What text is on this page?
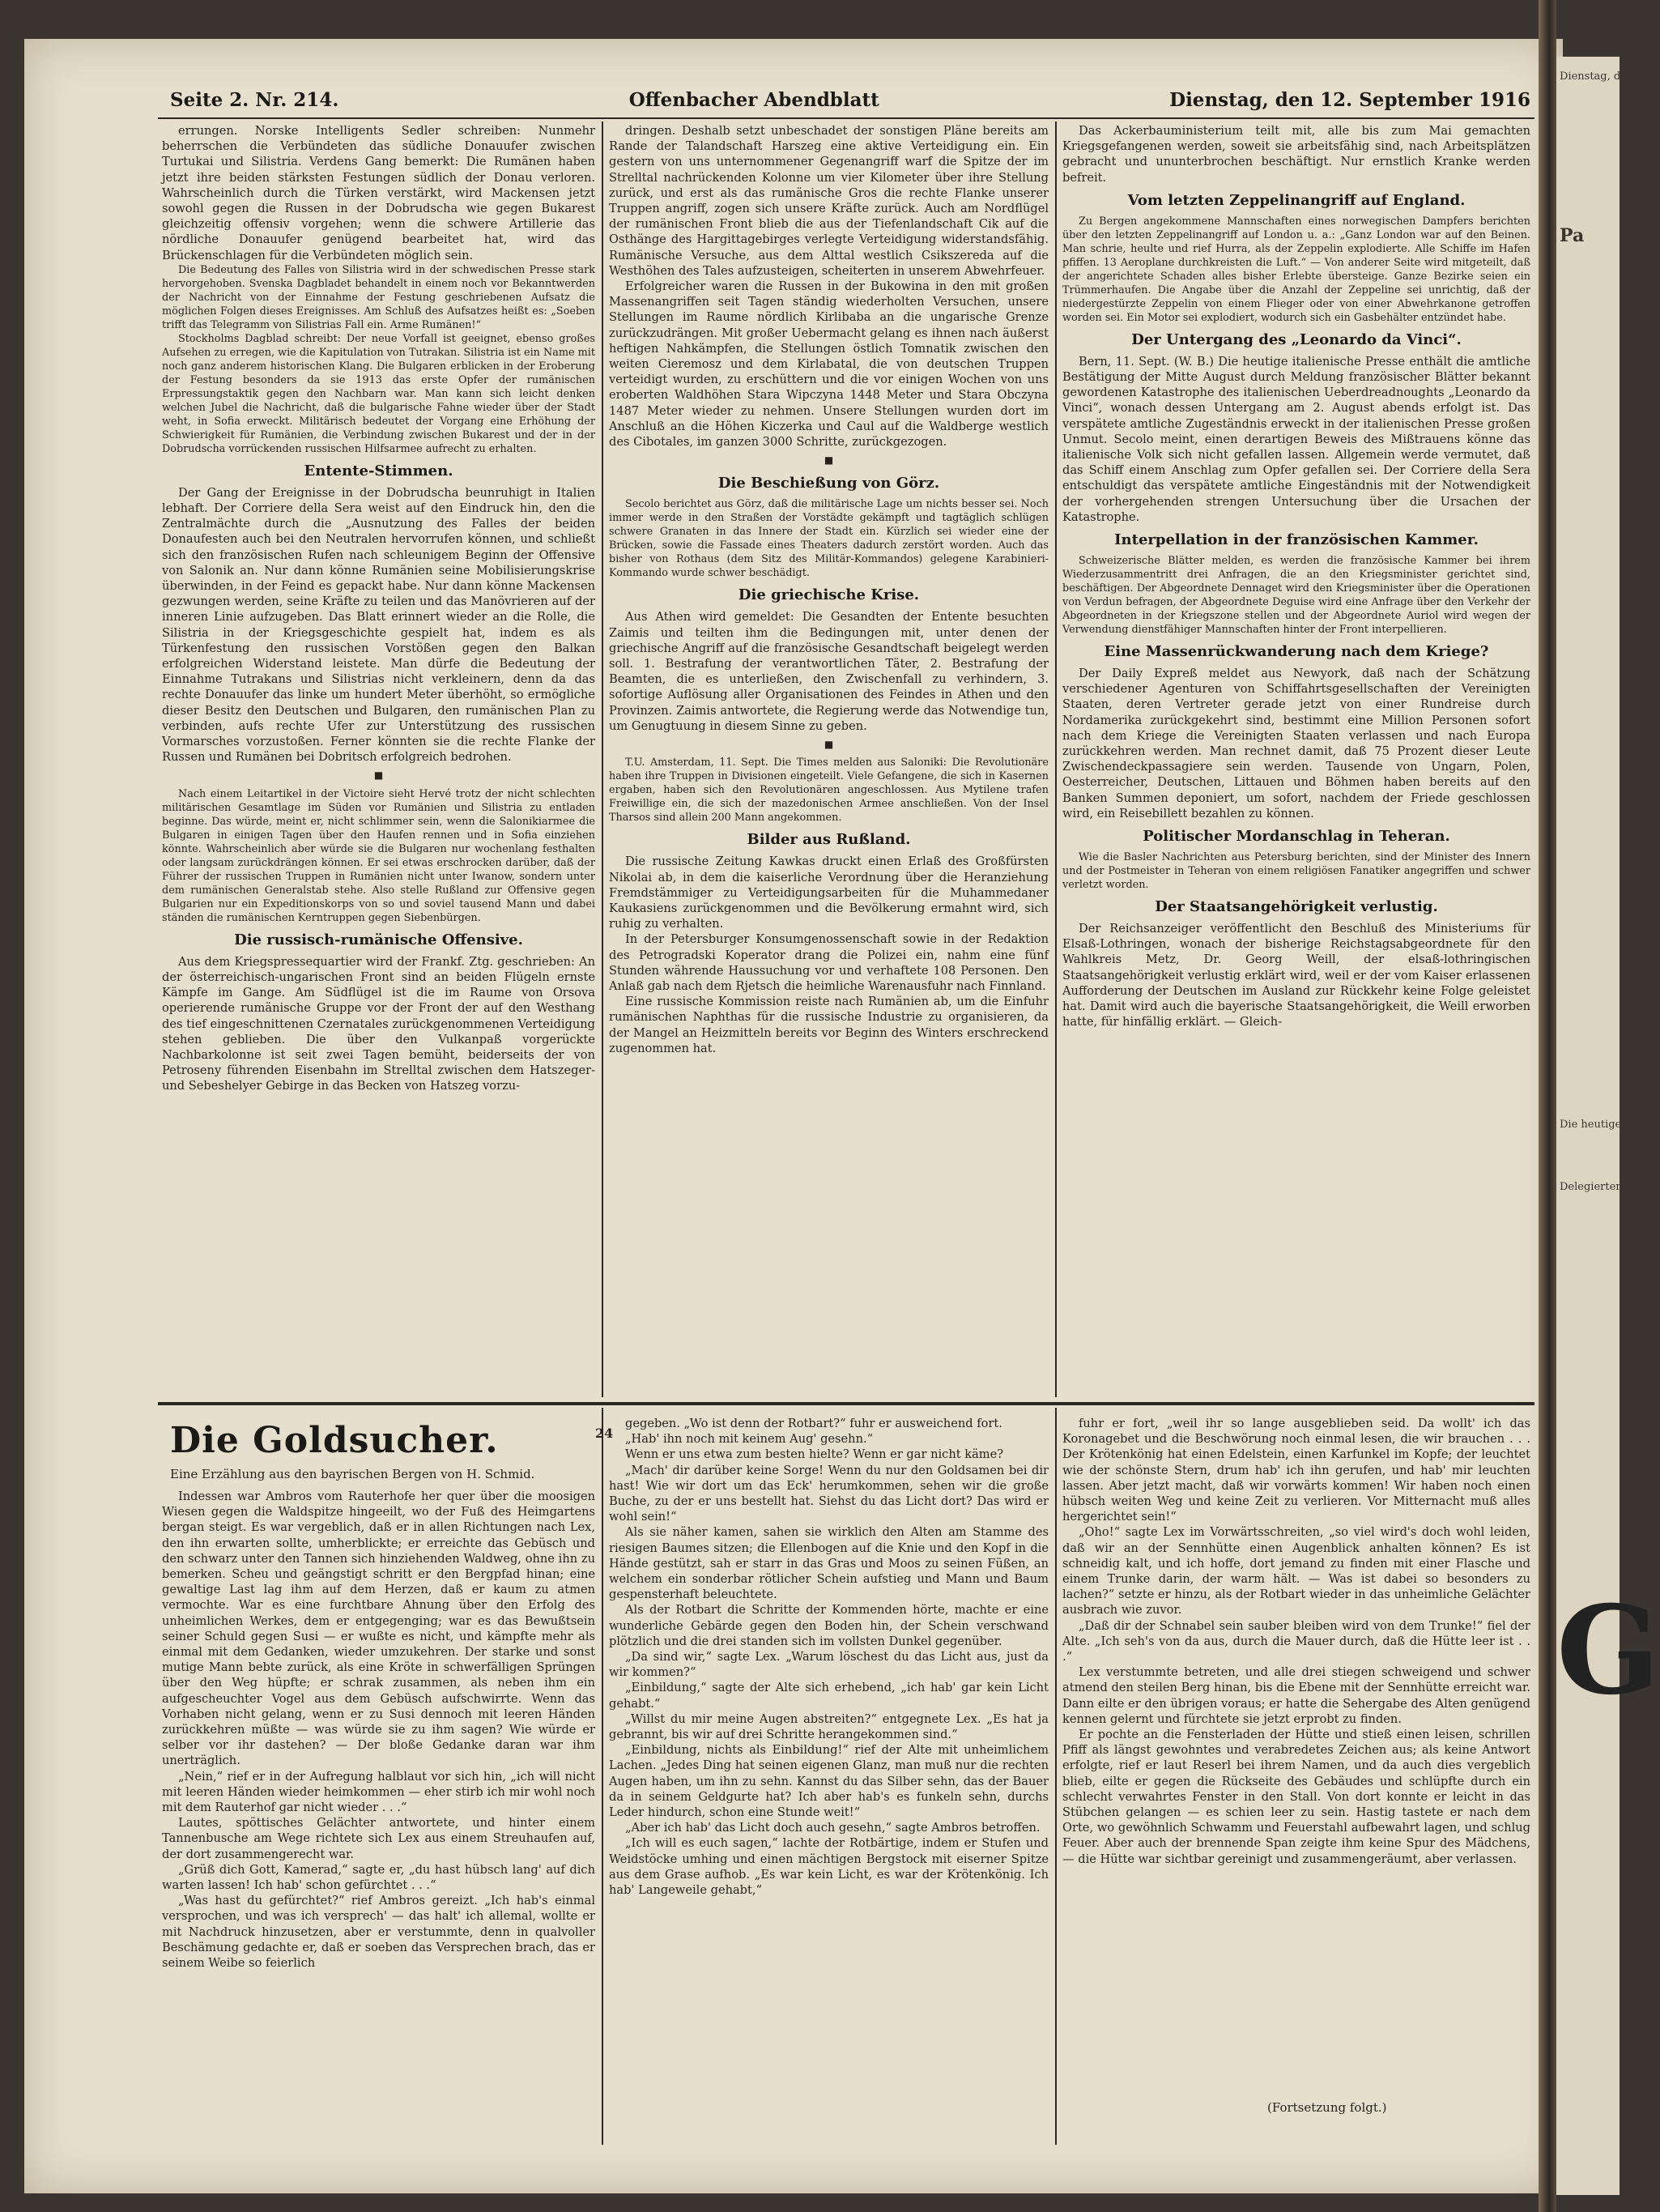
Seite 2. Nr. 214.	Offenbacher Abendblatt	Dienstag, den 12. September 1916

errungen. Norske Intelligents Sedler schreiben: Nunmehr beherrschen die Verbündeten das südliche Donauufer zwischen Turtukai und Silistria. Verdens Gang bemerkt: Die Rumänen haben jetzt ihre beiden stärksten Festungen südlich der Donau verloren. Wahrscheinlich durch die Türken verstärkt, wird Mackensen jetzt sowohl gegen die Russen in der Dobrudscha wie gegen Bukarest gleichzeitig offensiv vorgehen; wenn die schwere Artillerie das nördliche Donauufer genügend bearbeitet hat, wird das Brückenschlagen für die Verbündeten möglich sein.

Die Bedeutung des Falles von Silistria wird in der schwedischen Presse stark hervorgehoben. Svenska Dagbladet behandelt in einem noch vor Bekanntwerden der Nachricht von der Einnahme der Festung geschriebenen Aufsatz die möglichen Folgen dieses Ereignisses. Am Schluß des Aufsatzes heißt es: „Soeben trifft das Telegramm von Silistrias Fall ein. Arme Rumänen!“

Stockholms Dagblad schreibt: Der neue Vorfall ist geeignet, ebenso großes Aufsehen zu erregen, wie die Kapitulation von Tutrakan. Silistria ist ein Name mit noch ganz anderem historischen Klang. Die Bulgaren erblicken in der Eroberung der Festung besonders da sie 1913 das erste Opfer der rumänischen Erpressungstaktik gegen den Nachbarn war. Man kann sich leicht denken welchen Jubel die Nachricht, daß die bulgarische Fahne wieder über der Stadt weht, in Sofia erweckt. Militärisch bedeutet der Vorgang eine Erhöhung der Schwierigkeit für Rumänien, die Verbindung zwischen Bukarest und der in der Dobrudscha vorrückenden russischen Hilfsarmee aufrecht zu erhalten.

Entente-Stimmen.

Der Gang der Ereignisse in der Dobrudscha beunruhigt in Italien lebhaft. Der Corriere della Sera weist auf den Eindruck hin, den die Zentralmächte durch die „Ausnutzung des Falles der beiden Donaufesten auch bei den Neutralen hervorrufen können, und schließt sich den französischen Rufen nach schleunigem Beginn der Offensive von Salonik an. Nur dann könne Rumänien seine Mobilisierungskrise überwinden, in der Feind es gepackt habe. Nur dann könne Mackensen gezwungen werden, seine Kräfte zu teilen und das Manövrieren auf der inneren Linie aufzugeben. Das Blatt erinnert wieder an die Rolle, die Silistria in der Kriegsgeschichte gespielt hat, indem es als Türkenfestung den russischen Vorstößen gegen den Balkan erfolgreichen Widerstand leistete. Man dürfe die Bedeutung der Einnahme Tutrakans und Silistrias nicht verkleinern, denn da das rechte Donauufer das linke um hundert Meter überhöht, so ermögliche dieser Besitz den Deutschen und Bulgaren, den rumänischen Plan zu verbinden, aufs rechte Ufer zur Unterstützung des russischen Vormarsches vorzustoßen. Ferner könnten sie die rechte Flanke der Russen und Rumänen bei Dobritsch erfolgreich bedrohen.

■

Nach einem Leitartikel in der Victoire sieht Hervé trotz der nicht schlechten militärischen Gesamtlage im Süden vor Rumänien und Silistria zu entladen beginne. Das würde, meint er, nicht schlimmer sein, wenn die Salonikiarmee die Bulgaren in einigen Tagen über den Haufen rennen und in Sofia einziehen könnte. Wahrscheinlich aber würde sie die Bulgaren nur wochenlang festhalten oder langsam zurückdrängen können. Er sei etwas erschrocken darüber, daß der Führer der russischen Truppen in Rumänien nicht unter Iwanow, sondern unter dem rumänischen Generalstab stehe. Also stelle Rußland zur Offensive gegen Bulgarien nur ein Expeditionskorps von so und soviel tausend Mann und dabei ständen die rumänischen Kerntruppen gegen Siebenbürgen.

Die russisch-rumänische Offensive.

Aus dem Kriegspressequartier wird der Frankf. Ztg. geschrieben: An der österreichisch-ungarischen Front sind an beiden Flügeln ernste Kämpfe im Gange. Am Südflügel ist die im Raume von Orsova operierende rumänische Gruppe vor der Front der auf den Westhang des tief eingeschnittenen Czernatales zurückgenommenen Verteidigung stehen geblieben. Die über den Vulkanpaß vorgerückte Nachbarkolonne ist seit zwei Tagen bemüht, beiderseits der von Petroseny führenden Eisenbahn im Strelltal zwischen dem Hatszeger- und Sebeshelyer Gebirge in das Becken von Hatszeg vorzu-

dringen. Deshalb setzt unbeschadet der sonstigen Pläne bereits am Rande der Talandschaft Harszeg eine aktive Verteidigung ein. Ein gestern von uns unternommener Gegenangriff warf die Spitze der im Strelltal nachrückenden Kolonne um vier Kilometer über ihre Stellung zurück, und erst als das rumänische Gros die rechte Flanke unserer Truppen angriff, zogen sich unsere Kräfte zurück. Auch am Nordflügel der rumänischen Front blieb die aus der Tiefenlandschaft Cik auf die Osthänge des Hargittagebirges verlegte Verteidigung widerstandsfähig. Rumänische Versuche, aus dem Alttal westlich Csikszereda auf die Westhöhen des Tales aufzusteigen, scheiterten in unserem Abwehrfeuer.

Erfolgreicher waren die Russen in der Bukowina in den mit großen Massenangriffen seit Tagen ständig wiederholten Versuchen, unsere Stellungen im Raume nördlich Kirlibaba an die ungarische Grenze zurückzudrängen. Mit großer Uebermacht gelang es ihnen nach äußerst heftigen Nahkämpfen, die Stellungen östlich Tomnatik zwischen den weiten Cieremosz und dem Kirlabatal, die von deutschen Truppen verteidigt wurden, zu erschüttern und die vor einigen Wochen von uns eroberten Waldhöhen Stara Wipczyna 1448 Meter und Stara Obczyna 1487 Meter wieder zu nehmen. Unsere Stellungen wurden dort im Anschluß an die Höhen Kiczerka und Caul auf die Waldberge westlich des Cibotales, im ganzen 3000 Schritte, zurückgezogen.

■
Die Beschießung von Görz.

Secolo berichtet aus Görz, daß die militärische Lage um nichts besser sei. Noch immer werde in den Straßen der Vorstädte gekämpft und tagtäglich schlügen schwere Granaten in das Innere der Stadt ein. Kürzlich sei wieder eine der Brücken, sowie die Fassade eines Theaters dadurch zerstört worden. Auch das bisher von Rothaus (dem Sitz des Militär-Kommandos) gelegene Karabinieri-Kommando wurde schwer beschädigt.

Die griechische Krise.

Aus Athen wird gemeldet: Die Gesandten der Entente besuchten Zaimis und teilten ihm die Bedingungen mit, unter denen der griechische Angriff auf die französische Gesandtschaft beigelegt werden soll. 1. Bestrafung der verantwortlichen Täter, 2. Bestrafung der Beamten, die es unterließen, den Zwischenfall zu verhindern, 3. sofortige Auflösung aller Organisationen des Feindes in Athen und den Provinzen. Zaimis antwortete, die Regierung werde das Notwendige tun, um Genugtuung in diesem Sinne zu geben.

■

T.U. Amsterdam, 11. Sept. Die Times melden aus Saloniki: Die Revolutionäre haben ihre Truppen in Divisionen eingeteilt. Viele Gefangene, die sich in Kasernen ergaben, haben sich den Revolutionären angeschlossen. Aus Mytilene trafen Freiwillige ein, die sich der mazedonischen Armee anschließen. Von der Insel Tharsos sind allein 200 Mann angekommen.

Bilder aus Rußland.

Die russische Zeitung Kawkas druckt einen Erlaß des Großfürsten Nikolai ab, in dem die kaiserliche Verordnung über die Heranziehung Fremdstämmiger zu Verteidigungsarbeiten für die Muhammedaner Kaukasiens zurückgenommen und die Bevölkerung ermahnt wird, sich ruhig zu verhalten.

In der Petersburger Konsumgenossenschaft sowie in der Redaktion des Petrogradski Koperator drang die Polizei ein, nahm eine fünf Stunden währende Haussuchung vor und verhaftete 108 Personen. Den Anlaß gab nach dem Rjetsch die heimliche Warenausfuhr nach Finnland.

Eine russische Kommission reiste nach Rumänien ab, um die Einfuhr rumänischen Naphthas für die russische Industrie zu organisieren, da der Mangel an Heizmitteln bereits vor Beginn des Winters erschreckend zugenommen hat.

Das Ackerbauministerium teilt mit, alle bis zum Mai gemachten Kriegsgefangenen werden, soweit sie arbeitsfähig sind, nach Arbeitsplätzen gebracht und ununterbrochen beschäftigt. Nur ernstlich Kranke werden befreit.

Vom letzten Zeppelinangriff auf England.

Zu Bergen angekommene Mannschaften eines norwegischen Dampfers berichten über den letzten Zeppelinangriff auf London u. a.: „Ganz London war auf den Beinen. Man schrie, heulte und rief Hurra, als der Zeppelin explodierte. Alle Schiffe im Hafen pfiffen. 13 Aeroplane durchkreisten die Luft.“ — Von anderer Seite wird mitgeteilt, daß der angerichtete Schaden alles bisher Erlebte übersteige. Ganze Bezirke seien ein Trümmerhaufen. Die Angabe über die Anzahl der Zeppeline sei unrichtig, daß der niedergestürzte Zeppelin von einem Flieger oder von einer Abwehrkanone getroffen worden sei. Ein Motor sei explodiert, wodurch sich ein Gasbehälter entzündet habe.

Der Untergang des „Leonardo da Vinci“.

Bern, 11. Sept. (W. B.) Die heutige italienische Presse enthält die amtliche Bestätigung der Mitte August durch Meldung französischer Blätter bekannt gewordenen Katastrophe des italienischen Ueberdreadnoughts „Leonardo da Vinci“, wonach dessen Untergang am 2. August abends erfolgt ist. Das verspätete amtliche Zugeständnis erweckt in der italienischen Presse großen Unmut. Secolo meint, einen derartigen Beweis des Mißtrauens könne das italienische Volk sich nicht gefallen lassen. Allgemein werde vermutet, daß das Schiff einem Anschlag zum Opfer gefallen sei. Der Corriere della Sera entschuldigt das verspätete amtliche Eingeständnis mit der Notwendigkeit der vorhergehenden strengen Untersuchung über die Ursachen der Katastrophe.

Interpellation in der französischen Kammer.

Schweizerische Blätter melden, es werden die französische Kammer bei ihrem Wiederzusammentritt drei Anfragen, die an den Kriegsminister gerichtet sind, beschäftigen. Der Abgeordnete Dennaget wird den Kriegsminister über die Operationen von Verdun befragen, der Abgeordnete Deguise wird eine Anfrage über den Verkehr der Abgeordneten in der Kriegszone stellen und der Abgeordnete Auriol wird wegen der Verwendung dienstfähiger Mannschaften hinter der Front interpellieren.

Eine Massenrückwanderung nach dem Kriege?

Der Daily Expreß meldet aus Newyork, daß nach der Schätzung verschiedener Agenturen von Schiffahrtsgesellschaften der Vereinigten Staaten, deren Vertreter gerade jetzt von einer Rundreise durch Nordamerika zurückgekehrt sind, bestimmt eine Million Personen sofort nach dem Kriege die Vereinigten Staaten verlassen und nach Europa zurückkehren werden. Man rechnet damit, daß 75 Prozent dieser Leute Zwischendeckpassagiere sein werden. Tausende von Ungarn, Polen, Oesterreicher, Deutschen, Littauen und Böhmen haben bereits auf den Banken Summen deponiert, um sofort, nachdem der Friede geschlossen wird, ein Reisebillett bezahlen zu können.

Politischer Mordanschlag in Teheran.

Wie die Basler Nachrichten aus Petersburg berichten, sind der Minister des Innern und der Postmeister in Teheran von einem religiösen Fanatiker angegriffen und schwer verletzt worden.

Der Staatsangehörigkeit verlustig.

Der Reichsanzeiger veröffentlicht den Beschluß des Ministeriums für Elsaß-Lothringen, wonach der bisherige Reichstagsabgeordnete für den Wahlkreis Metz, Dr. Georg Weill, der elsaß-lothringischen Staatsangehörigkeit verlustig erklärt wird, weil er der vom Kaiser erlassenen Aufforderung der Deutschen im Ausland zur Rückkehr keine Folge geleistet hat. Damit wird auch die bayerische Staatsangehörigkeit, die Weill erworben hatte, für hinfällig erklärt. — Gleich-

Die Goldsucher.	24
Eine Erzählung aus den bayrischen Bergen von H. Schmid.

Indessen war Ambros vom Rauterhofe her quer über die moosigen Wiesen gegen die Waldspitze hingeeilt, wo der Fuß des Heimgartens bergan steigt. Es war vergeblich, daß er in allen Richtungen nach Lex, den ihn erwarten sollte, umherblickte; er erreichte das Gebüsch und den schwarz unter den Tannen sich hinziehenden Waldweg, ohne ihn zu bemerken. Scheu und geängstigt schritt er den Bergpfad hinan; eine gewaltige Last lag ihm auf dem Herzen, daß er kaum zu atmen vermochte. War es eine furchtbare Ahnung über den Erfolg des unheimlichen Werkes, dem er entgegenging; war es das Bewußtsein seiner Schuld gegen Susi — er wußte es nicht, und kämpfte mehr als einmal mit dem Gedanken, wieder umzukehren. Der starke und sonst mutige Mann bebte zurück, als eine Kröte in schwerfälligen Sprüngen über den Weg hüpfte; er schrak zusammen, als neben ihm ein aufgescheuchter Vogel aus dem Gebüsch aufschwirrte. Wenn das Vorhaben nicht gelang, wenn er zu Susi dennoch mit leeren Händen zurückkehren müßte — was würde sie zu ihm sagen? Wie würde er selber vor ihr dastehen? — Der bloße Gedanke daran war ihm unerträglich.

„Nein,“ rief er in der Aufregung halblaut vor sich hin, „ich will nicht mit leeren Händen wieder heimkommen — eher stirb ich mir wohl noch mit dem Rauterhof gar nicht wieder . . .“

Lautes, spöttisches Gelächter antwortete, und hinter einem Tannenbusche am Wege richtete sich Lex aus einem Streuhaufen auf, der dort zusammengerecht war.

„Grüß dich Gott, Kamerad,“ sagte er, „du hast hübsch lang' auf dich warten lassen! Ich hab' schon gefürchtet . . .“

„Was hast du gefürchtet?“ rief Ambros gereizt. „Ich hab's einmal versprochen, und was ich versprech' — das halt' ich allemal, wollte er mit Nachdruck hinzusetzen, aber er verstummte, denn in qualvoller Beschämung gedachte er, daß er soeben das Versprechen brach, das er seinem Weibe so feierlich

gegeben. „Wo ist denn der Rotbart?“ fuhr er ausweichend fort.

„Hab' ihn noch mit keinem Aug' gesehn.“

Wenn er uns etwa zum besten hielte? Wenn er gar nicht käme?

„Mach' dir darüber keine Sorge! Wenn du nur den Goldsamen bei dir hast! Wie wir dort um das Eck' herumkommen, sehen wir die große Buche, zu der er uns bestellt hat. Siehst du das Licht dort? Das wird er wohl sein!“

Als sie näher kamen, sahen sie wirklich den Alten am Stamme des riesigen Baumes sitzen; die Ellenbogen auf die Knie und den Kopf in die Hände gestützt, sah er starr in das Gras und Moos zu seinen Füßen, an welchem ein sonderbar rötlicher Schein aufstieg und Mann und Baum gespensterhaft beleuchtete.

Als der Rotbart die Schritte der Kommenden hörte, machte er eine wunderliche Gebärde gegen den Boden hin, der Schein verschwand plötzlich und die drei standen sich im vollsten Dunkel gegenüber.

„Da sind wir,“ sagte Lex. „Warum löschest du das Licht aus, just da wir kommen?“

„Einbildung,“ sagte der Alte sich erhebend, „ich hab' gar kein Licht gehabt.“

„Willst du mir meine Augen abstreiten?“ entgegnete Lex. „Es hat ja gebrannt, bis wir auf drei Schritte herangekommen sind.“

„Einbildung, nichts als Einbildung!“ rief der Alte mit unheimlichem Lachen. „Jedes Ding hat seinen eigenen Glanz, man muß nur die rechten Augen haben, um ihn zu sehn. Kannst du das Silber sehn, das der Bauer da in seinem Geldgurte hat? Ich aber hab's es funkeln sehn, durchs Leder hindurch, schon eine Stunde weit!“

„Aber ich hab' das Licht doch auch gesehn,“ sagte Ambros betroffen.

„Ich will es euch sagen,“ lachte der Rotbärtige, indem er Stufen und Weidstöcke umhing und einen mächtigen Bergstock mit eiserner Spitze aus dem Grase aufhob. „Es war kein Licht, es war der Krötenkönig. Ich hab' Langeweile gehabt,“

fuhr er fort, „weil ihr so lange ausgeblieben seid. Da wollt' ich das Koronagebet und die Beschwörung noch einmal lesen, die wir brauchen . . . Der Krötenkönig hat einen Edelstein, einen Karfunkel im Kopfe; der leuchtet wie der schönste Stern, drum hab' ich ihn gerufen, und hab' mir leuchten lassen. Aber jetzt macht, daß wir vorwärts kommen! Wir haben noch einen hübsch weiten Weg und keine Zeit zu verlieren. Vor Mitternacht muß alles hergerichtet sein!“

„Oho!“ sagte Lex im Vorwärtsschreiten, „so viel wird's doch wohl leiden, daß wir an der Sennhütte einen Augenblick anhalten können? Es ist schneidig kalt, und ich hoffe, dort jemand zu finden mit einer Flasche und einem Trunke darin, der warm hält. — Was ist dabei so besonders zu lachen?“ setzte er hinzu, als der Rotbart wieder in das unheimliche Gelächter ausbrach wie zuvor.

„Daß dir der Schnabel sein sauber bleiben wird von dem Trunke!“ fiel der Alte. „Ich seh's von da aus, durch die Mauer durch, daß die Hütte leer ist . . .“

Lex verstummte betreten, und alle drei stiegen schweigend und schwer atmend den steilen Berg hinan, bis die Ebene mit der Sennhütte erreicht war. Dann eilte er den übrigen voraus; er hatte die Sehergabe des Alten genügend kennen gelernt und fürchtete sie jetzt erprobt zu finden.

Er pochte an die Fensterladen der Hütte und stieß einen leisen, schrillen Pfiff als längst gewohntes und verabredetes Zeichen aus; als keine Antwort erfolgte, rief er laut Reserl bei ihrem Namen, und da auch dies vergeblich blieb, eilte er gegen die Rückseite des Gebäudes und schlüpfte durch ein schlecht verwahrtes Fenster in den Stall. Von dort konnte er leicht in das Stübchen gelangen — es schien leer zu sein. Hastig tastete er nach dem Orte, wo gewöhnlich Schwamm und Feuerstahl aufbewahrt lagen, und schlug Feuer. Aber auch der brennende Span zeigte ihm keine Spur des Mädchens, — die Hütte war sichtbar gereinigt und zusammengeräumt, aber verlassen.

(Fortsetzung folgt.)
Dienstag, den
Pa
Die heutige
Delegierter
G
